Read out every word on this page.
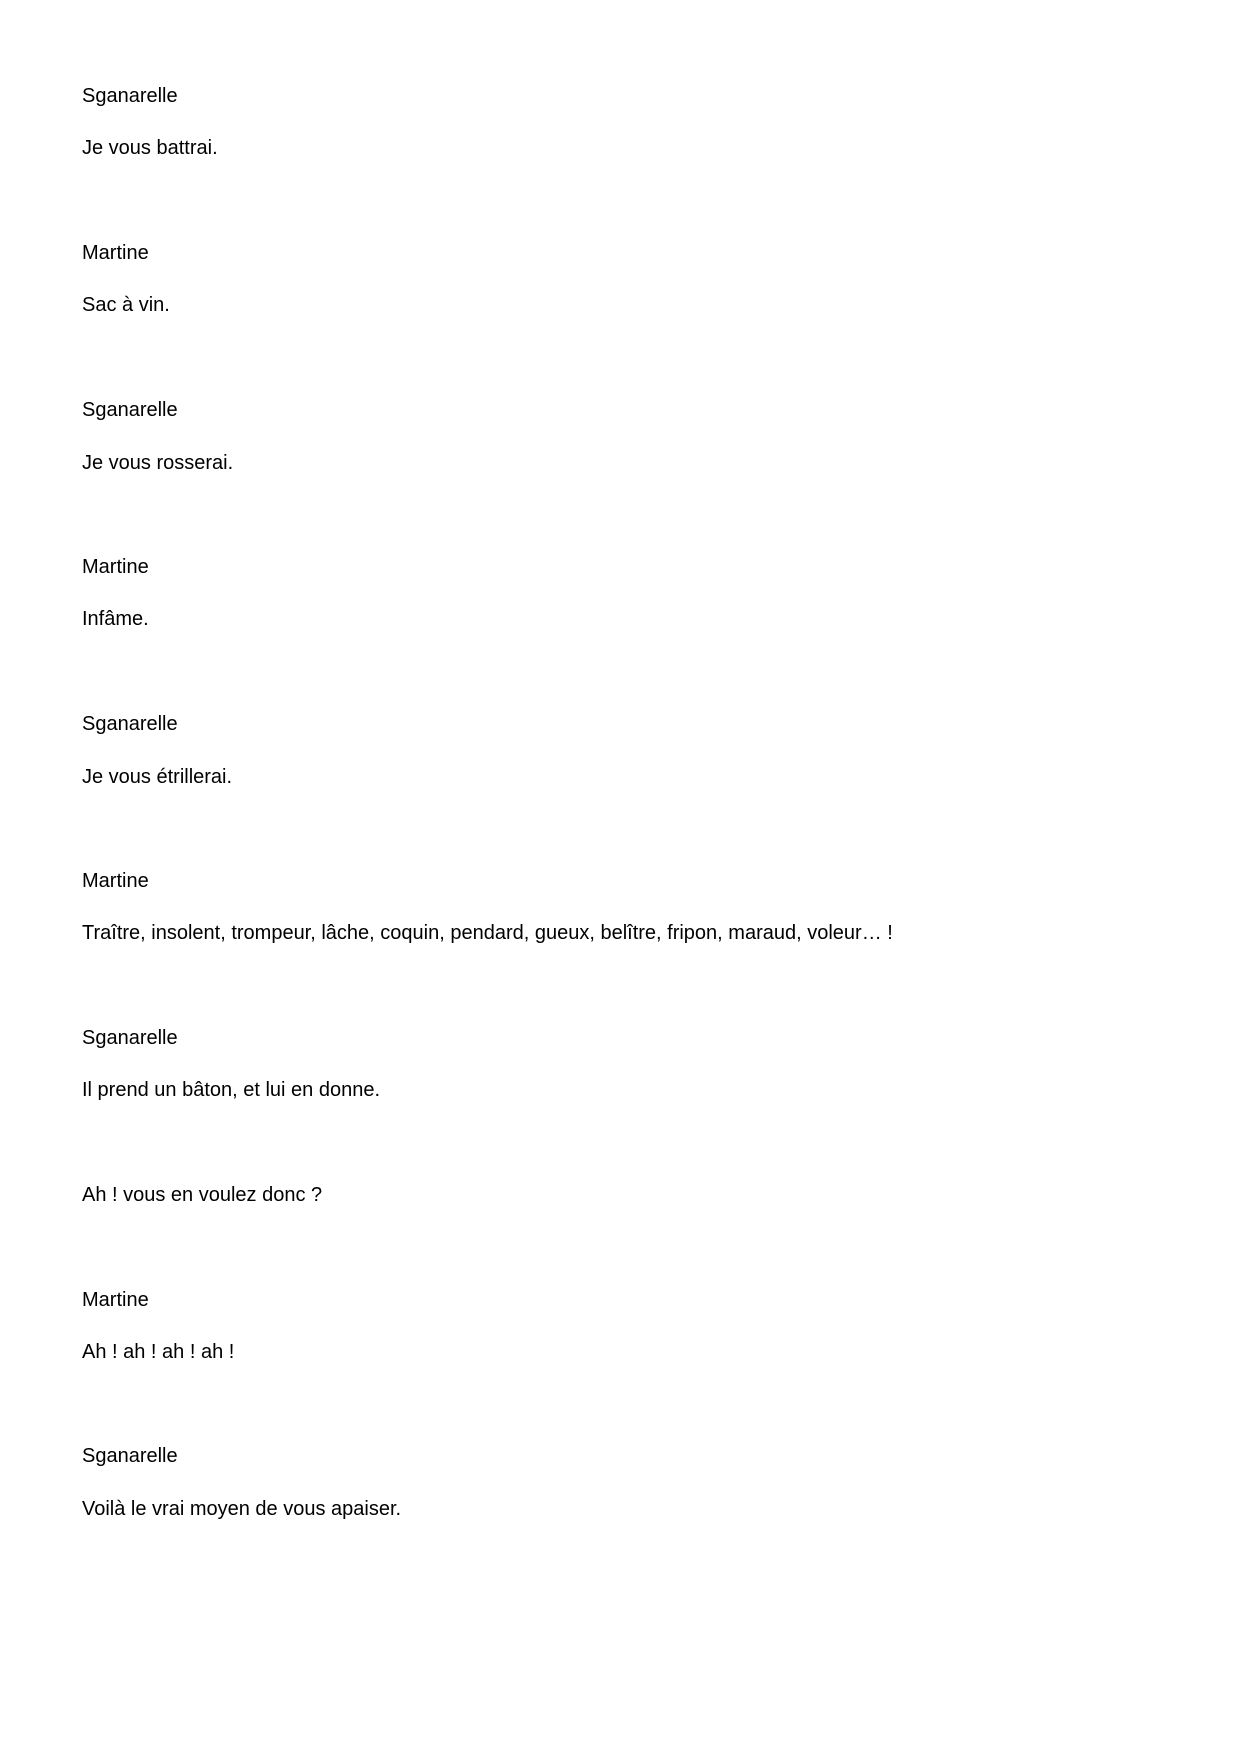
Sganarelle
Je vous battrai.
Martine
Sac à vin.
Sganarelle
Je vous rosserai.
Martine
Infâme.
Sganarelle
Je vous étrillerai.
Martine
Traître, insolent, trompeur, lâche, coquin, pendard, gueux, belître, fripon, maraud, voleur… !
Sganarelle
Il prend un bâton, et lui en donne.
Ah ! vous en voulez donc ?
Martine
Ah ! ah ! ah ! ah !
Sganarelle
Voilà le vrai moyen de vous apaiser.
